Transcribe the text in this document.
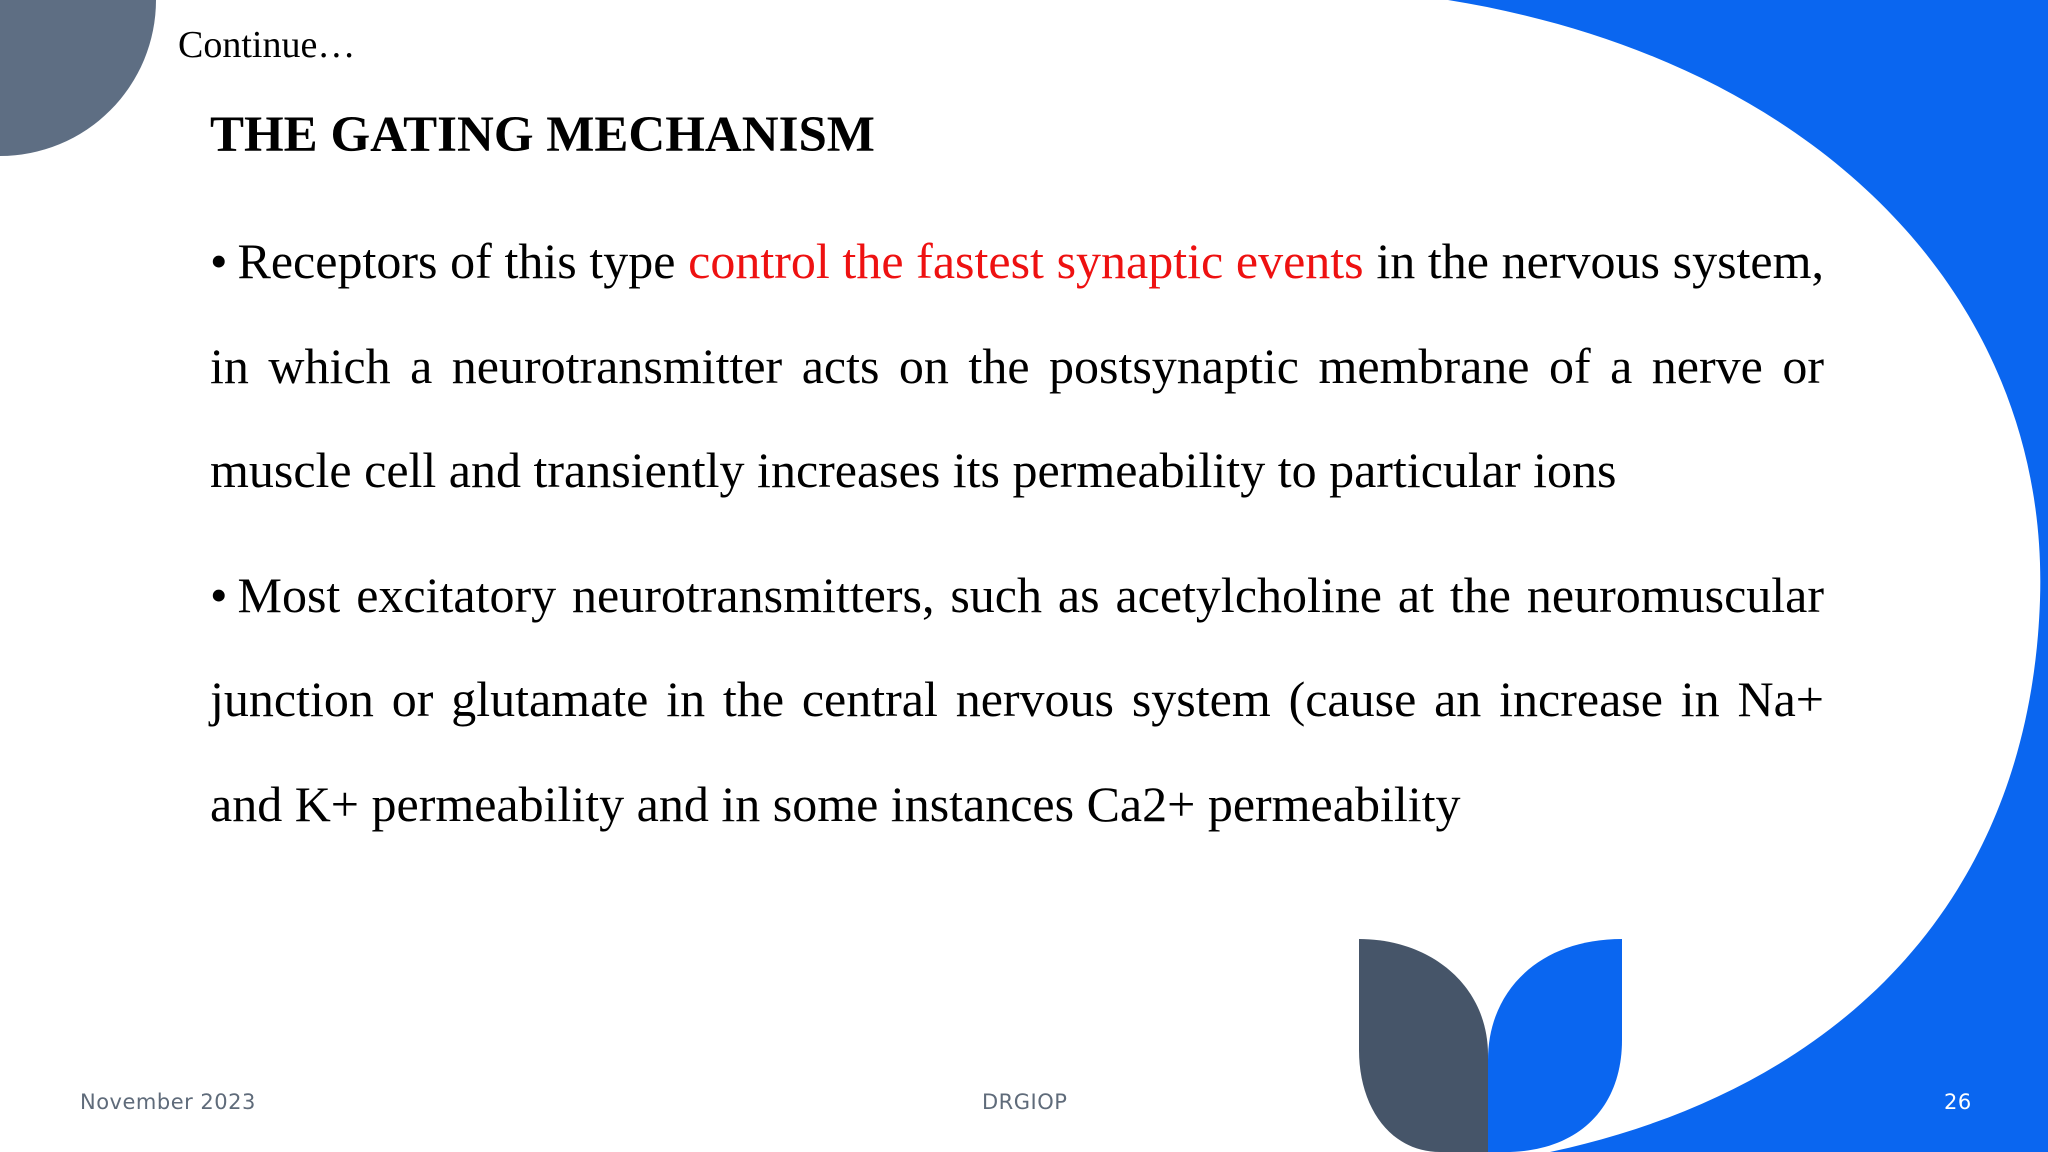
Continue…
THE GATING MECHANISM

• Receptors of this type control the fastest synaptic events in the nervous system, in which a neurotransmitter acts on the postsynaptic membrane of a nerve or muscle cell and transiently increases its permeability to particular ions

• Most excitatory neurotransmitters, such as acetylcholine at the neuromuscular junction or glutamate in the central nervous system (cause an increase in Na+ and K+ permeability and in some instances Ca2+ permeability

November 2023	DRGIOP	26
